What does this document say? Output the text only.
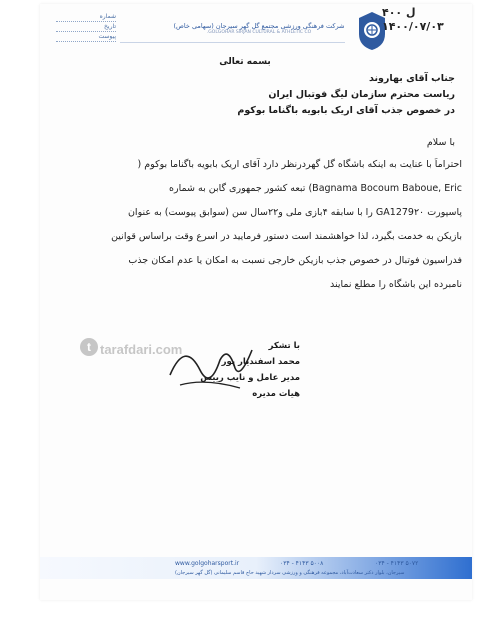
شماره
تاریخ
پیوست
شرکت فرهنگی ورزشی مجتمع گل گهر سیرجان (سهامی خاص)
GOLGOHAR SIRJAN CULTURAL & ATHLETIC CO.
۴۰۰ ل
۱۴۰۰/۰۷/۰۳
بسمه تعالی
جناب آقای بهاروند
ریاست محترم سازمان لیگ فوتبال ایران
در خصوص جذب آقای اریک بابویه باگناما بوکوم
با سلام
احتراماً با عنایت به اینکه باشگاه گل گهرد‌رنظر دارد آقای اریک بابویه باگناما بوکوم (
Bagnama Bocoum Baboue, Eric) تبعه کشور جمهوری گابن به شماره
پاسپورت GA1279۲۰ را با سابقه ۴بازی ملی و۲۲سال سن (سوابق پیوست) به عنوان
بازیکن به خدمت بگیرد، لذا خواهشمند است دستور فرمایید در اسرع وقت براساس قوانین
فدراسیون فوتبال در خصوص جذب بازیکن خارجی نسبت به امکان یا عدم امکان جذب
نامبرده این باشگاه را مطلع نمایند
با تشکر
محمد اسفندیار پور
مدیر عامل و نایب رییس هیات مدیره
t tarafdari.com
www.golgoharsport.ir	۰۳۴ - ۴۱۴۳ ۵۰۰۸	۰۳۴ - ۴۱۴۳ ۵۰۷۲
سیرجان، بلوار دکتر سعادت‌آباد، مجموعه فرهنگی و ورزشی سردار شهید حاج قاسم سلیمانی (گل گهر سیرجان)
